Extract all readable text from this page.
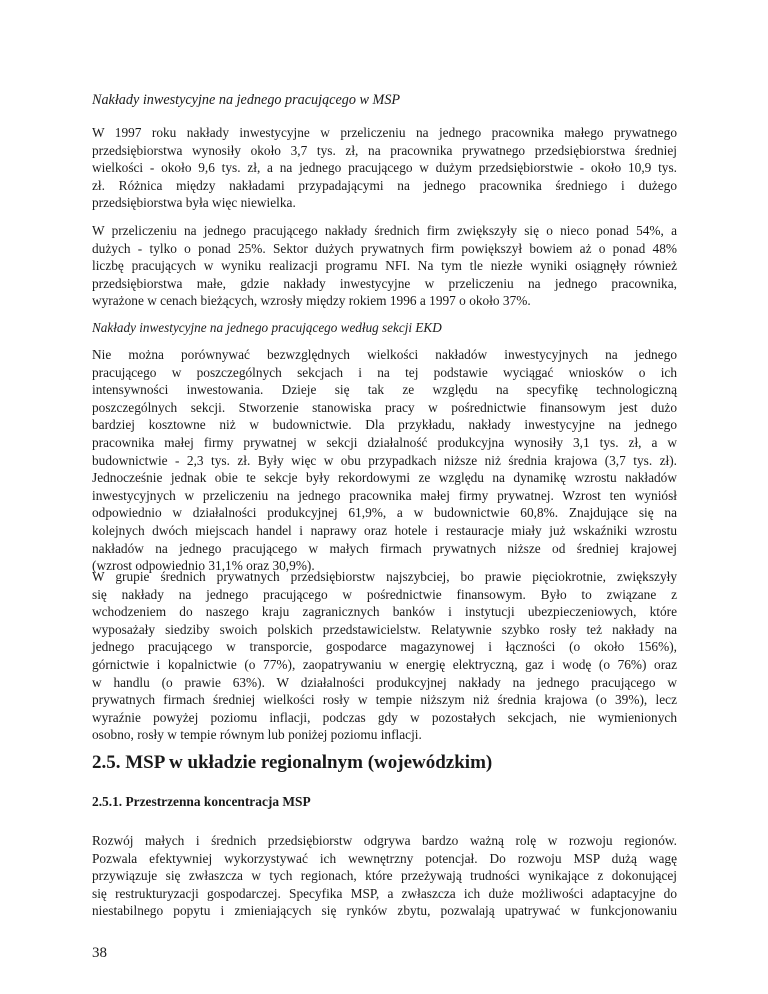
Nakłady inwestycyjne na jednego pracującego w MSP

W 1997 roku nakłady inwestycyjne w przeliczeniu na jednego pracownika małego prywatnego
przedsiębiorstwa wynosiły około 3,7 tys. zł, na pracownika prywatnego przedsiębiorstwa średniej
wielkości - około 9,6 tys. zł, a na jednego pracującego w dużym przedsiębiorstwie - około 10,9 tys.
zł. Różnica między nakładami przypadającymi na jednego pracownika średniego i dużego
przedsiębiorstwa była więc niewielka.
W przeliczeniu na jednego pracującego nakłady średnich firm zwiększyły się o nieco ponad 54%, a
dużych - tylko o ponad 25%. Sektor dużych prywatnych firm powiększył bowiem aż o ponad 48%
liczbę pracujących w wyniku realizacji programu NFI. Na tym tle niezłe wyniki osiągnęły również
przedsiębiorstwa małe, gdzie nakłady inwestycyjne w przeliczeniu na jednego pracownika,
wyrażone w cenach bieżących, wzrosły między rokiem 1996 a 1997 o około 37%.

Nakłady inwestycyjne na jednego pracującego według sekcji EKD

Nie można porównywać bezwzględnych wielkości nakładów inwestycyjnych na jednego
pracującego w poszczególnych sekcjach i na tej podstawie wyciągać wniosków o ich
intensywności inwestowania. Dzieje się tak ze względu na specyfikę technologiczną
poszczególnych sekcji. Stworzenie stanowiska pracy w pośrednictwie finansowym jest dużo
bardziej kosztowne niż w budownictwie. Dla przykładu, nakłady inwestycyjne na jednego
pracownika małej firmy prywatnej w sekcji działalność produkcyjna wynosiły 3,1 tys. zł, a w
budownictwie - 2,3 tys. zł. Były więc w obu przypadkach niższe niż średnia krajowa (3,7 tys. zł).
Jednocześnie jednak obie te sekcje były rekordowymi ze względu na dynamikę wzrostu nakładów
inwestycyjnych w przeliczeniu na jednego pracownika małej firmy prywatnej. Wzrost ten wyniósł
odpowiednio w działalności produkcyjnej 61,9%, a w budownictwie 60,8%. Znajdujące się na
kolejnych dwóch miejscach handel i naprawy oraz hotele i restauracje miały już wskaźniki wzrostu
nakładów na jednego pracującego w małych firmach prywatnych niższe od średniej krajowej
(wzrost odpowiednio 31,1% oraz 30,9%).
W grupie średnich prywatnych przedsiębiorstw najszybciej, bo prawie pięciokrotnie, zwiększyły
się nakłady na jednego pracującego w pośrednictwie finansowym. Było to związane z
wchodzeniem do naszego kraju zagranicznych banków i instytucji ubezpieczeniowych, które
wyposażały siedziby swoich polskich przedstawicielstw. Relatywnie szybko rosły też nakłady na
jednego pracującego w transporcie, gospodarce magazynowej i łączności (o około 156%),
górnictwie i kopalnictwie (o 77%), zaopatrywaniu w energię elektryczną, gaz i wodę (o 76%) oraz
w handlu (o prawie 63%). W działalności produkcyjnej nakłady na jednego pracującego w
prywatnych firmach średniej wielkości rosły w tempie niższym niż średnia krajowa (o 39%), lecz
wyraźnie powyżej poziomu inflacji, podczas gdy w pozostałych sekcjach, nie wymienionych
osobno, rosły w tempie równym lub poniżej poziomu inflacji.
2.5. MSP w układzie regionalnym (wojewódzkim)
2.5.1. Przestrzenna koncentracja MSP
Rozwój małych i średnich przedsiębiorstw odgrywa bardzo ważną rolę w rozwoju regionów.
Pozwala efektywniej wykorzystywać ich wewnętrzny potencjał. Do rozwoju MSP dużą wagę
przywiązuje się zwłaszcza w tych regionach, które przeżywają trudności wynikające z dokonującej
się restrukturyzacji gospodarczej. Specyfika MSP, a zwłaszcza ich duże możliwości adaptacyjne do
niestabilnego popytu i zmieniających się rynków zbytu, pozwalają upatrywać w funkcjonowaniu

38
